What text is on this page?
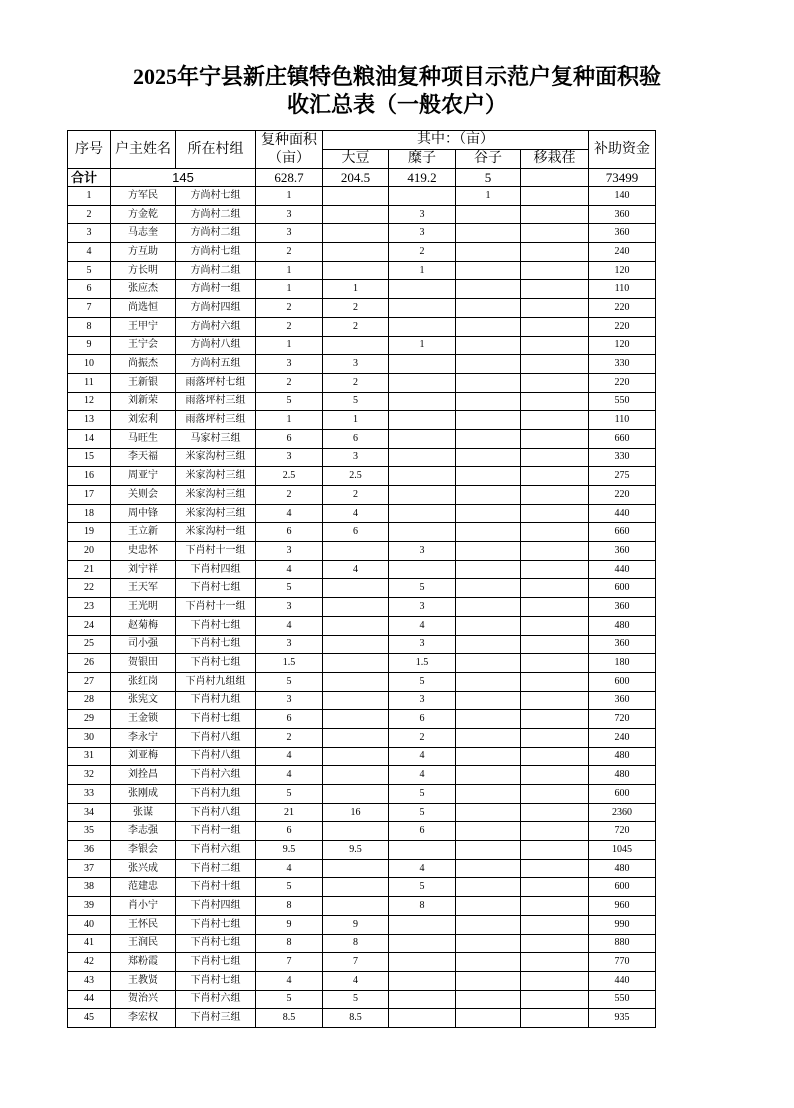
2025年宁县新庄镇特色粮油复种项目示范户复种面积验
收汇总表（一般农户）
序号	户主姓名	所在村组	复种面积
（亩）	其中：（亩）				补助资金
				大豆	糜子	谷子	移栽荏	
合计	145		628.7	204.5	419.2	5		73499
1	方军民	方尚村七组	1			1		140
2	方金乾	方尚村二组	3		3			360
3	马志奎	方尚村二组	3		3			360
4	方互助	方尚村七组	2		2			240
5	方长明	方尚村二组	1		1			120
6	张应杰	方尚村一组	1	1				110
7	尚选恒	方尚村四组	2	2				220
8	王甲宁	方尚村六组	2	2				220
9	王宁会	方尚村八组	1		1			120
10	尚振杰	方尚村五组	3	3				330
11	王新银	雨落坪村七组	2	2				220
12	刘新荣	雨落坪村三组	5	5				550
13	刘宏利	雨落坪村三组	1	1				110
14	马旺生	马家村三组	6	6				660
15	李天福	米家沟村三组	3	3				330
16	周亚宁	米家沟村三组	2.5	2.5				275
17	关则会	米家沟村三组	2	2				220
18	周中锋	米家沟村三组	4	4				440
19	王立新	米家沟村一组	6	6				660
20	史忠怀	下肖村十一组	3		3			360
21	刘宁祥	下肖村四组	4	4				440
22	王天军	下肖村七组	5		5			600
23	王光明	下肖村十一组	3		3			360
24	赵菊梅	下肖村七组	4		4			480
25	司小强	下肖村七组	3		3			360
26	贺银田	下肖村七组	1.5		1.5			180
27	张红岗	下肖村九组组	5		5			600
28	张宪文	下肖村九组	3		3			360
29	王金锁	下肖村七组	6		6			720
30	李永宁	下肖村八组	2		2			240
31	刘亚梅	下肖村八组	4		4			480
32	刘拴昌	下肖村六组	4		4			480
33	张刚成	下肖村九组	5		5			600
34	张谋	下肖村八组	21	16	5			2360
35	李志强	下肖村一组	6		6			720
36	李银会	下肖村六组	9.5	9.5				1045
37	张兴成	下肖村二组	4		4			480
38	范建忠	下肖村十组	5		5			600
39	肖小宁	下肖村四组	8		8			960
40	王怀民	下肖村七组	9	9				990
41	王润民	下肖村七组	8	8				880
42	郑粉霞	下肖村七组	7	7				770
43	王教贤	下肖村七组	4	4				440
44	贺治兴	下肖村六组	5	5				550
45	李宏权	下肖村三组	8.5	8.5				935
